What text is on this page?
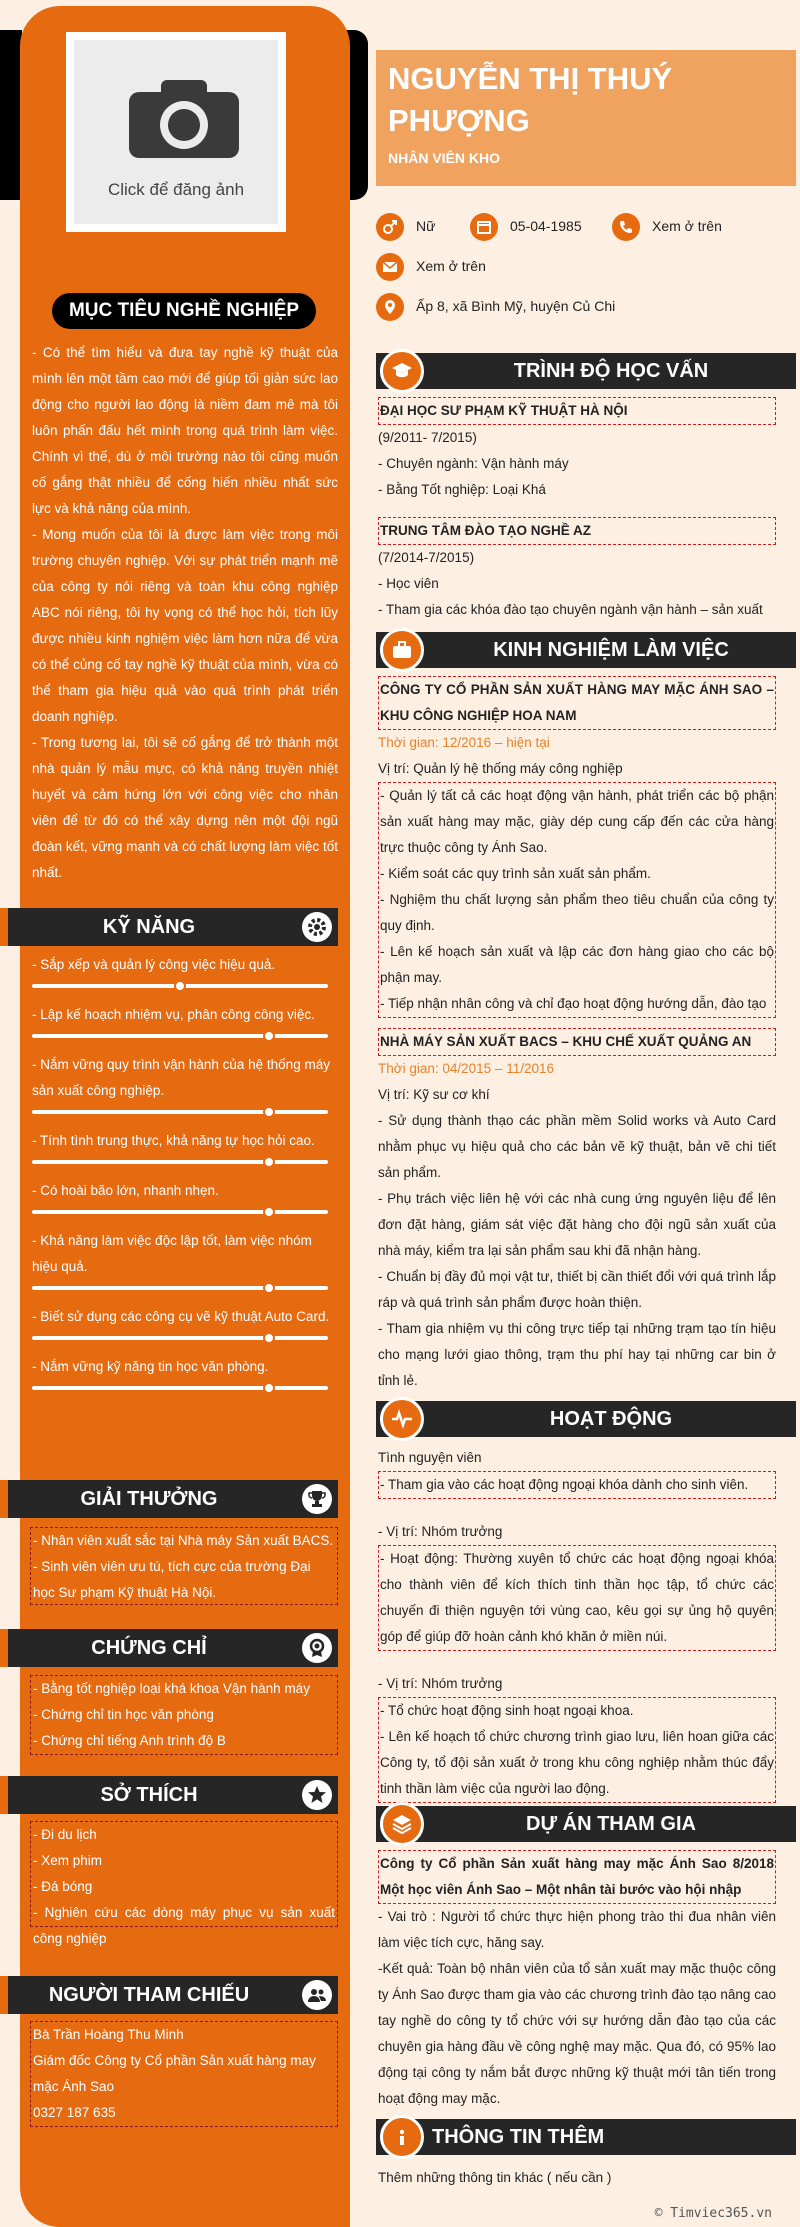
Click để đăng ảnh
MỤC TIÊU NGHỀ NGHIỆP
- Có thể tìm hiểu và đưa tay nghề kỹ thuật của mình lên một tầm cao mới để giúp tối giản sức lao động cho người lao động là niềm đam mê mà tôi luôn phấn đấu hết mình trong quá trình làm việc. Chính vì thế, dù ở môi trường nào tôi cũng muốn cố gắng thật nhiều để cống hiến nhiều nhất sức lực và khả năng của mình.
- Mong muốn của tôi là được làm việc trong môi trường chuyên nghiệp. Với sự phát triển mạnh mẽ của công ty nói riêng và toàn khu công nghiệp ABC nói riêng, tôi hy vọng có thể học hỏi, tích lũy được nhiều kinh nghiệm việc làm hơn nữa để vừa có thể củng cố tay nghề kỹ thuật của mình, vừa có thể tham gia hiệu quả vào quá trình phát triển doanh nghiệp.
- Trong tương lai, tôi sẽ cố gắng để trở thành một nhà quản lý mẫu mực, có khả năng truyền nhiệt huyết và cảm hứng lớn với công việc cho nhân viên để từ đó có thể xây dựng nên một đội ngũ đoàn kết, vững mạnh và có chất lượng làm việc tốt nhất.
KỸ NĂNG
- Sắp xếp và quản lý công việc hiệu quả.
- Lập kế hoạch nhiệm vụ, phân công công việc.
- Nắm vững quy trình vận hành của hệ thống máy sản xuất công nghiệp.
- Tính tình trung thực, khả năng tự học hỏi cao.
- Có hoài bão lớn, nhanh nhẹn.
- Khả năng làm việc độc lập tốt, làm việc nhóm hiệu quả.
- Biết sử dụng các công cụ vẽ kỹ thuật Auto Card.
- Nắm vững kỹ năng tin học văn phòng.
GIẢI THƯỞNG
- Nhân viên xuất sắc tại Nhà máy Sản xuất BACS.
- Sinh viên viên ưu tú, tích cực của trường Đại học Sư phạm Kỹ thuật Hà Nội.
CHỨNG CHỈ
- Bằng tốt nghiệp loại khá khoa Vận hành máy
- Chứng chỉ tin học văn phòng
- Chứng chỉ tiếng Anh trình độ B
SỞ THÍCH
- Đi du lịch
- Xem phim
- Đá bóng
- Nghiên cứu các dòng máy phục vụ sản xuất công nghiệp
NGƯỜI THAM CHIẾU
Bà Trần Hoàng Thu Minh
Giám đốc Công ty Cổ phần Sản xuất hàng may mặc Ánh Sao
0327 187 635
NGUYỄN THỊ THUÝ PHƯỢNG
NHÂN VIÊN KHO
Nữ	05-04-1985	Xem ở trên
Xem ở trên
Ấp 8, xã Bình Mỹ, huyện Củ Chi
TRÌNH ĐỘ HỌC VẤN
ĐẠI HỌC SƯ PHẠM KỸ THUẬT HÀ NỘI
(9/2011- 7/2015)
- Chuyên ngành: Vận hành máy
- Bằng Tốt nghiệp: Loại Khá
TRUNG TÂM ĐÀO TẠO NGHỀ AZ
(7/2014-7/2015)
- Học viên
- Tham gia các khóa đào tạo chuyên ngành vận hành – sản xuất
KINH NGHIỆM LÀM VIỆC
CÔNG TY CỔ PHẦN SẢN XUẤT HÀNG MAY MẶC ÁNH SAO – KHU CÔNG NGHIỆP HOA NAM
Thời gian: 12/2016 – hiện tại
Vị trí: Quản lý hệ thống máy công nghiệp
- Quản lý tất cả các hoạt động vận hành, phát triển các bộ phận sản xuất hàng may mặc, giày dép cung cấp đến các cửa hàng trực thuộc công ty Ánh Sao.
- Kiểm soát các quy trình sản xuất sản phẩm.
- Nghiệm thu chất lượng sản phẩm theo tiêu chuẩn của công ty quy định.
- Lên kế hoạch sản xuất và lập các đơn hàng giao cho các bộ phận may.
- Tiếp nhận nhân công và chỉ đạo hoạt động hướng dẫn, đào tạo
NHÀ MÁY SẢN XUẤT BACS – KHU CHẾ XUẤT QUẢNG AN
Thời gian: 04/2015 – 11/2016
Vị trí: Kỹ sư cơ khí
- Sử dụng thành thạo các phần mềm Solid works và Auto Card nhằm phục vụ hiệu quả cho các bản vẽ kỹ thuật, bản vẽ chi tiết sản phẩm.
- Phụ trách việc liên hệ với các nhà cung ứng nguyên liệu để lên đơn đặt hàng, giám sát việc đặt hàng cho đội ngũ sản xuất của nhà máy, kiểm tra lại sản phẩm sau khi đã nhận hàng.
- Chuẩn bị đầy đủ mọi vật tư, thiết bị cần thiết đổi với quá trình lắp ráp và quá trình sản phẩm được hoàn thiện.
- Tham gia nhiệm vụ thi công trực tiếp tại những trạm tạo tín hiệu cho mạng lưới giao thông, trạm thu phí hay tại những car bin ở tỉnh lẻ.
HOẠT ĐỘNG
Tình nguyện viên
- Tham gia vào các hoạt động ngoại khóa dành cho sinh viên.
- Vị trí: Nhóm trưởng
- Hoạt động: Thường xuyên tổ chức các hoạt động ngoại khóa cho thành viên để kích thích tinh thần học tập, tổ chức các chuyến đi thiện nguyện tới vùng cao, kêu gọi sự ủng hộ quyên góp để giúp đỡ hoàn cảnh khó khăn ở miền núi.
- Vị trí: Nhóm trưởng
- Tổ chức hoạt động sinh hoạt ngoại khoa.
- Lên kế hoạch tổ chức chương trình giao lưu, liên hoan giữa các Công ty, tổ đội sản xuất ở trong khu công nghiệp nhằm thúc đẩy tinh thần làm việc của người lao động.
DỰ ÁN THAM GIA
Công ty Cổ phần Sản xuất hàng may mặc Ánh Sao 8/2018 Một học viên Ánh Sao – Một nhân tài bước vào hội nhập
- Vai trò : Người tổ chức thực hiện phong trào thi đua nhân viên làm việc tích cực, hăng say.
-Kết quả: Toàn bộ nhân viên của tổ sản xuất may mặc thuộc công ty Ánh Sao được tham gia vào các chương trình đào tạo nâng cao tay nghề do công ty tổ chức với sự hướng dẫn đào tạo của các chuyên gia hàng đầu về công nghệ may mặc. Qua đó, có 95% lao động tại công ty nắm bắt được những kỹ thuật mới tân tiến trong hoạt động may mặc.
THÔNG TIN THÊM
Thêm những thông tin khác ( nếu cần )
© Timviec365.vn
